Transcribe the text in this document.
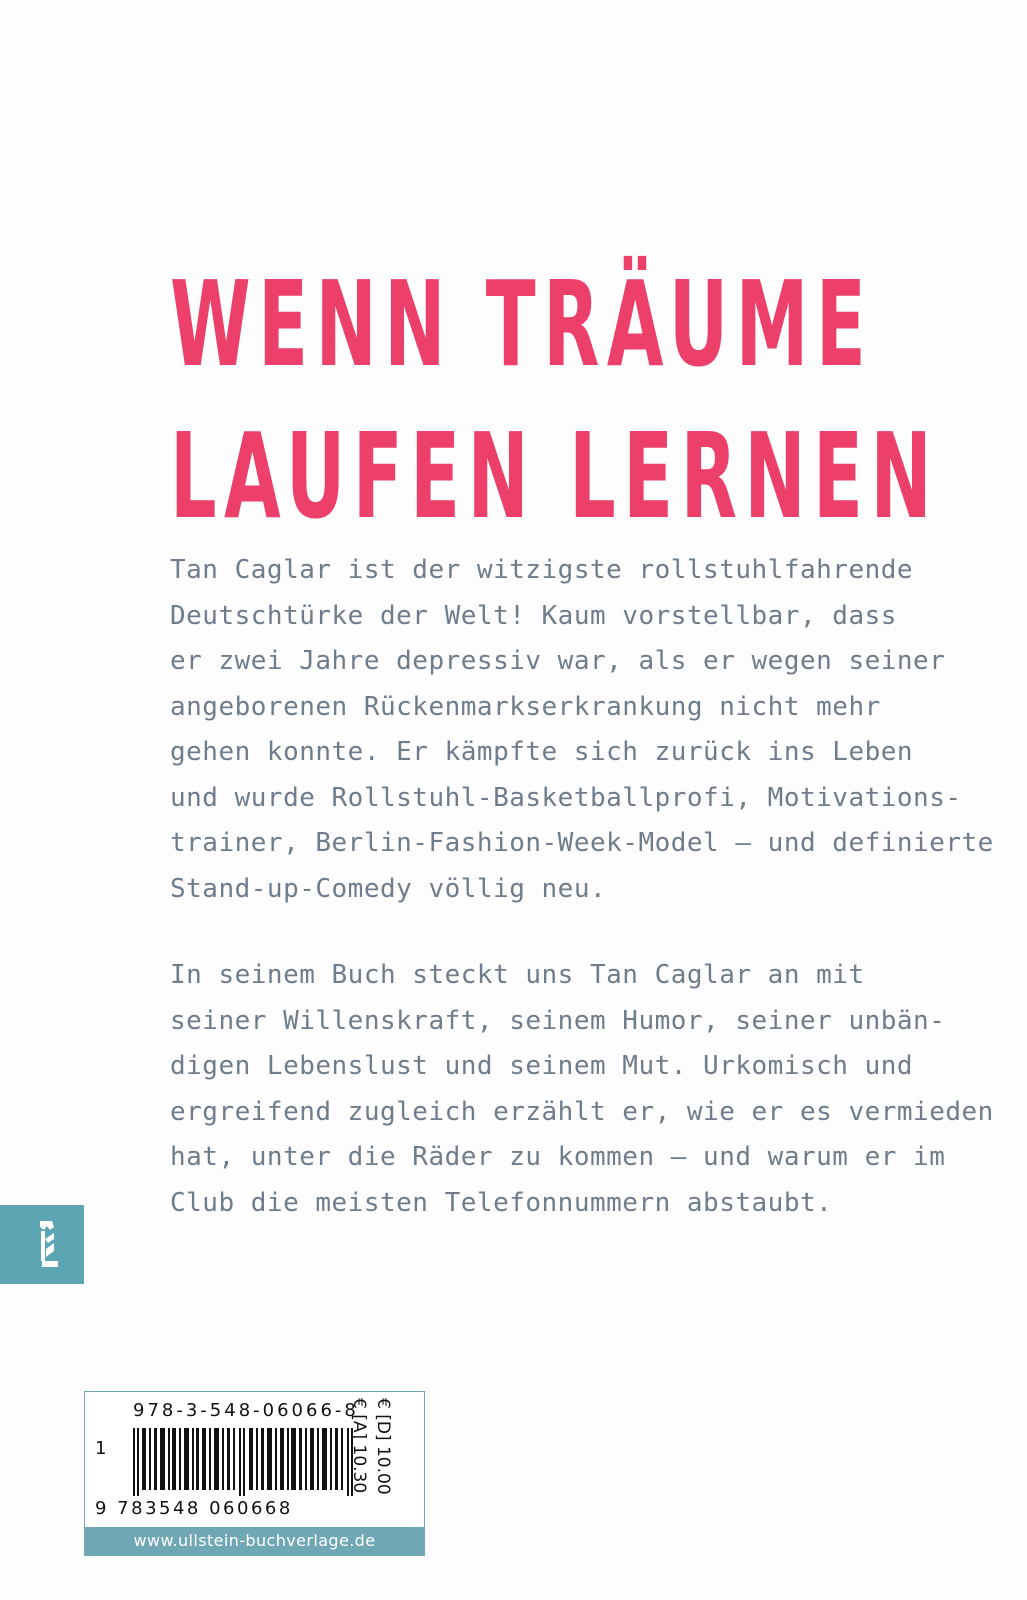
WENN TRÄUME
LAUFEN LERNEN
Tan Caglar ist der witzigste rollstuhlfahrende
Deutschtürke der Welt! Kaum vorstellbar, dass
er zwei Jahre depressiv war, als er wegen seiner
angeborenen Rückenmarkserkrankung nicht mehr
gehen konnte. Er kämpfte sich zurück ins Leben
und wurde Rollstuhl-Basketballprofi, Motivations-
trainer, Berlin-Fashion-Week-Model – und definierte
Stand-up-Comedy völlig neu.
In seinem Buch steckt uns Tan Caglar an mit
seiner Willenskraft, seinem Humor, seiner unbän-
digen Lebenslust und seinem Mut. Urkomisch und
ergreifend zugleich erzählt er, wie er es vermieden
hat, unter die Räder zu kommen – und warum er im
Club die meisten Telefonnummern abstaubt.
978-3-548-06066-8
1
9 783548 060668
€ [D] 10.00
€ [A] 10.30
www.ullstein-buchverlage.de
